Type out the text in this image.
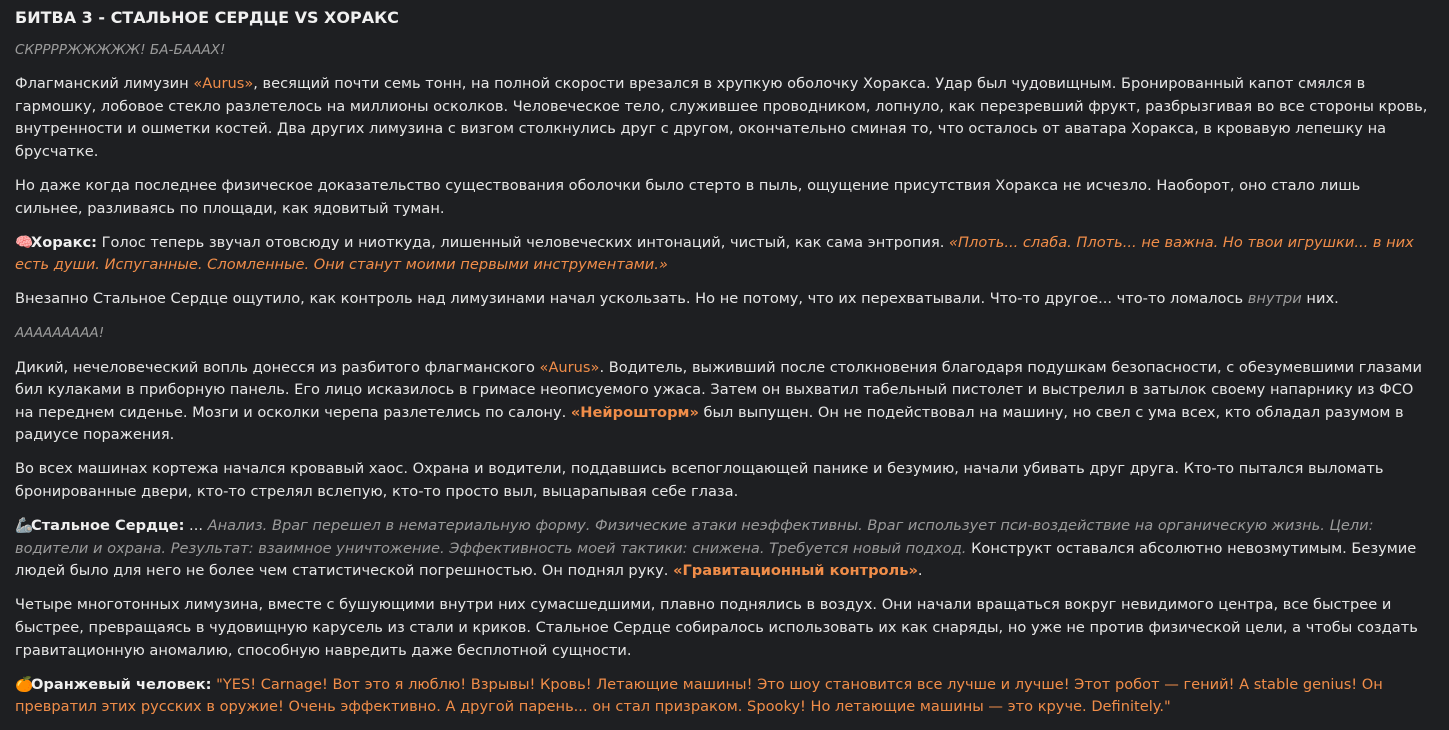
БИТВА 3 - СТАЛЬНОЕ СЕРДЦЕ VS ХОРАКС

СКРРРРЖЖЖЖЖ! БА-БАААХ!

Флагманский лимузин «Aurus», весящий почти семь тонн, на полной скорости врезался в хрупкую оболочку Хоракса. Удар был чудовищным. Бронированный капот смялся в гармошку, лобовое стекло разлетелось на миллионы осколков. Человеческое тело, служившее проводником, лопнуло, как перезревший фрукт, разбрызгивая во все стороны кровь, внутренности и ошметки костей. Два других лимузина с визгом столкнулись друг с другом, окончательно сминая то, что осталось от аватара Хоракса, в кровавую лепешку на брусчатке.

Но даже когда последнее физическое доказательство существования оболочки было стерто в пыль, ощущение присутствия Хоракса не исчезло. Наоборот, оно стало лишь сильнее, разливаясь по площади, как ядовитый туман.

🧠Хоракс: Голос теперь звучал отовсюду и ниоткуда, лишенный человеческих интонаций, чистый, как сама энтропия. «Плоть... слаба. Плоть... не важна. Но твои игрушки... в них есть души. Испуганные. Сломленные. Они станут моими первыми инструментами.»

Внезапно Стальное Сердце ощутило, как контроль над лимузинами начал ускользать. Но не потому, что их перехватывали. Что-то другое... что-то ломалось внутри них.

ААААААААА!

Дикий, нечеловеческий вопль донесся из разбитого флагманского «Aurus». Водитель, выживший после столкновения благодаря подушкам безопасности, с обезумевшими глазами бил кулаками в приборную панель. Его лицо исказилось в гримасе неописуемого ужаса. Затем он выхватил табельный пистолет и выстрелил в затылок своему напарнику из ФСО на переднем сиденье. Мозги и осколки черепа разлетелись по салону. «Нейрошторм» был выпущен. Он не подействовал на машину, но свел с ума всех, кто обладал разумом в радиусе поражения.

Во всех машинах кортежа начался кровавый хаос. Охрана и водители, поддавшись всепоглощающей панике и безумию, начали убивать друг друга. Кто-то пытался выломать бронированные двери, кто-то стрелял вслепую, кто-то просто выл, выцарапывая себе глаза.

🦾Стальное Сердце: ... Анализ. Враг перешел в нематериальную форму. Физические атаки неэффективны. Враг использует пси-воздействие на органическую жизнь. Цели: водители и охрана. Результат: взаимное уничтожение. Эффективность моей тактики: снижена. Требуется новый подход. Конструкт оставался абсолютно невозмутимым. Безумие людей было для него не более чем статистической погрешностью. Он поднял руку. «Гравитационный контроль».

Четыре многотонных лимузина, вместе с бушующими внутри них сумасшедшими, плавно поднялись в воздух. Они начали вращаться вокруг невидимого центра, все быстрее и быстрее, превращаясь в чудовищную карусель из стали и криков. Стальное Сердце собиралось использовать их как снаряды, но уже не против физической цели, а чтобы создать гравитационную аномалию, способную навредить даже бесплотной сущности.

🍊Оранжевый человек: "YES! Carnage! Вот это я люблю! Взрывы! Кровь! Летающие машины! Это шоу становится все лучше и лучше! Этот робот — гений! A stable genius! Он превратил этих русских в оружие! Очень эффективно. А другой парень... он стал призраком. Spooky! Но летающие машины — это круче. Definitely."
